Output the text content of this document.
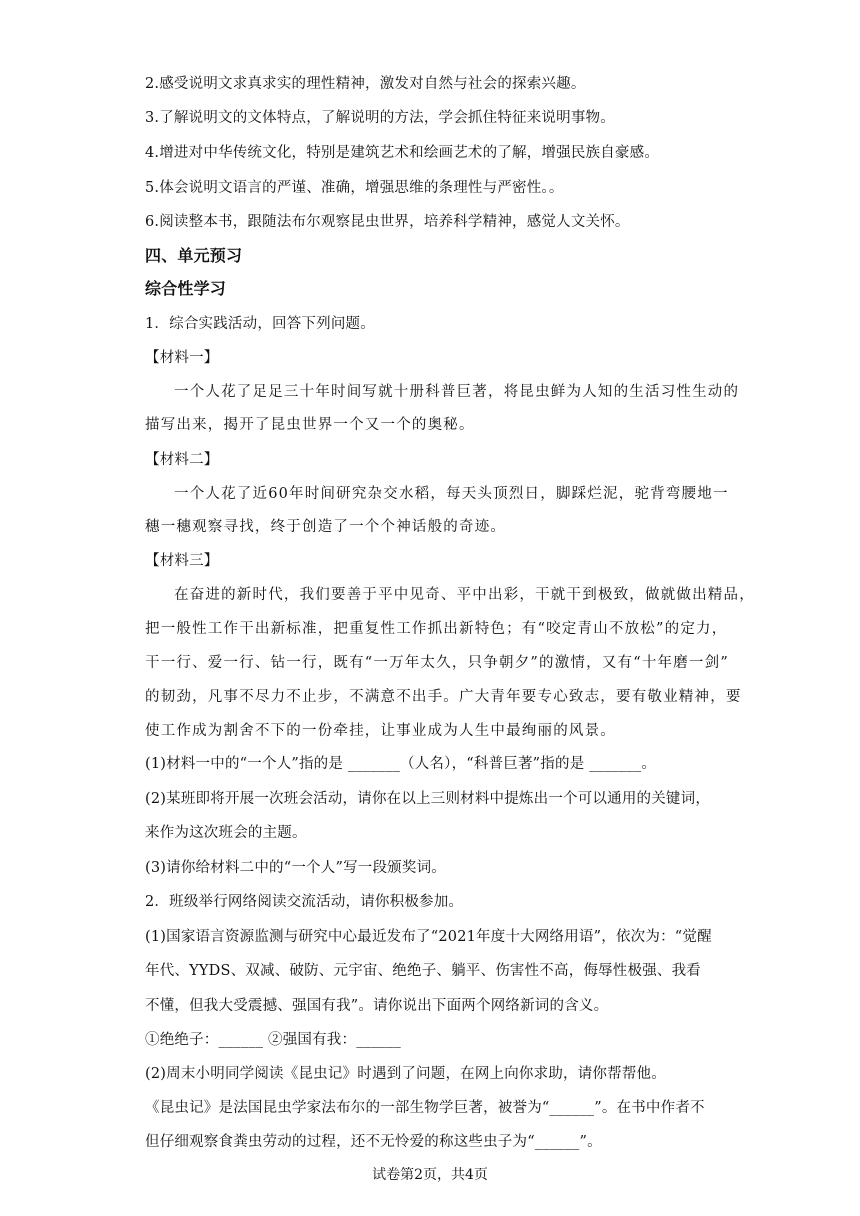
2.感受说明文求真求实的理性精神，激发对自然与社会的探索兴趣。
3.了解说明文的文体特点，了解说明的方法，学会抓住特征来说明事物。
4.增进对中华传统文化，特别是建筑艺术和绘画艺术的了解，增强民族自豪感。
5.体会说明文语言的严谨、准确，增强思维的条理性与严密性。。
6.阅读整本书，跟随法布尔观察昆虫世界，培养科学精神，感觉人文关怀。
四、单元预习
综合性学习
1．综合实践活动，回答下列问题。
【材料一】
一个人花了足足三十年时间写就十册科普巨著，将昆虫鲜为人知的生活习性生动的
描写出来，揭开了昆虫世界一个又一个的奥秘。
【材料二】
一个人花了近60年时间研究杂交水稻，每天头顶烈日，脚踩烂泥，驼背弯腰地一
穗一穗观察寻找，终于创造了一个个神话般的奇迹。
【材料三】
在奋进的新时代，我们要善于平中见奇、平中出彩，干就干到极致，做就做出精品，
把一般性工作干出新标准，把重复性工作抓出新特色；有“咬定青山不放松”的定力，
干一行、爱一行、钻一行，既有“一万年太久，只争朝夕”的激情，又有“十年磨一剑”
的韧劲，凡事不尽力不止步，不满意不出手。广大青年要专心致志，要有敬业精神，要
使工作成为割舍不下的一份牵挂，让事业成为人生中最绚丽的风景。
(1)材料一中的“一个人”指的是 _______（人名），“科普巨著”指的是 _______。
(2)某班即将开展一次班会活动，请你在以上三则材料中提炼出一个可以通用的关键词，
来作为这次班会的主题。
(3)请你给材料二中的“一个人”写一段颁奖词。
2．班级举行网络阅读交流活动，请你积极参加。
(1)国家语言资源监测与研究中心最近发布了“2021年度十大网络用语”，依次为：“觉醒
年代、YYDS、双减、破防、元宇宙、绝绝子、躺平、伤害性不高，侮辱性极强、我看
不懂，但我大受震撼、强国有我”。请你说出下面两个网络新词的含义。
①绝绝子：______ ②强国有我：______
(2)周末小明同学阅读《昆虫记》时遇到了问题，在网上向你求助，请你帮帮他。
《昆虫记》是法国昆虫学家法布尔的一部生物学巨著，被誉为“______”。在书中作者不
但仔细观察食粪虫劳动的过程，还不无怜爱的称这些虫子为“______”。
试卷第2页，共4页
